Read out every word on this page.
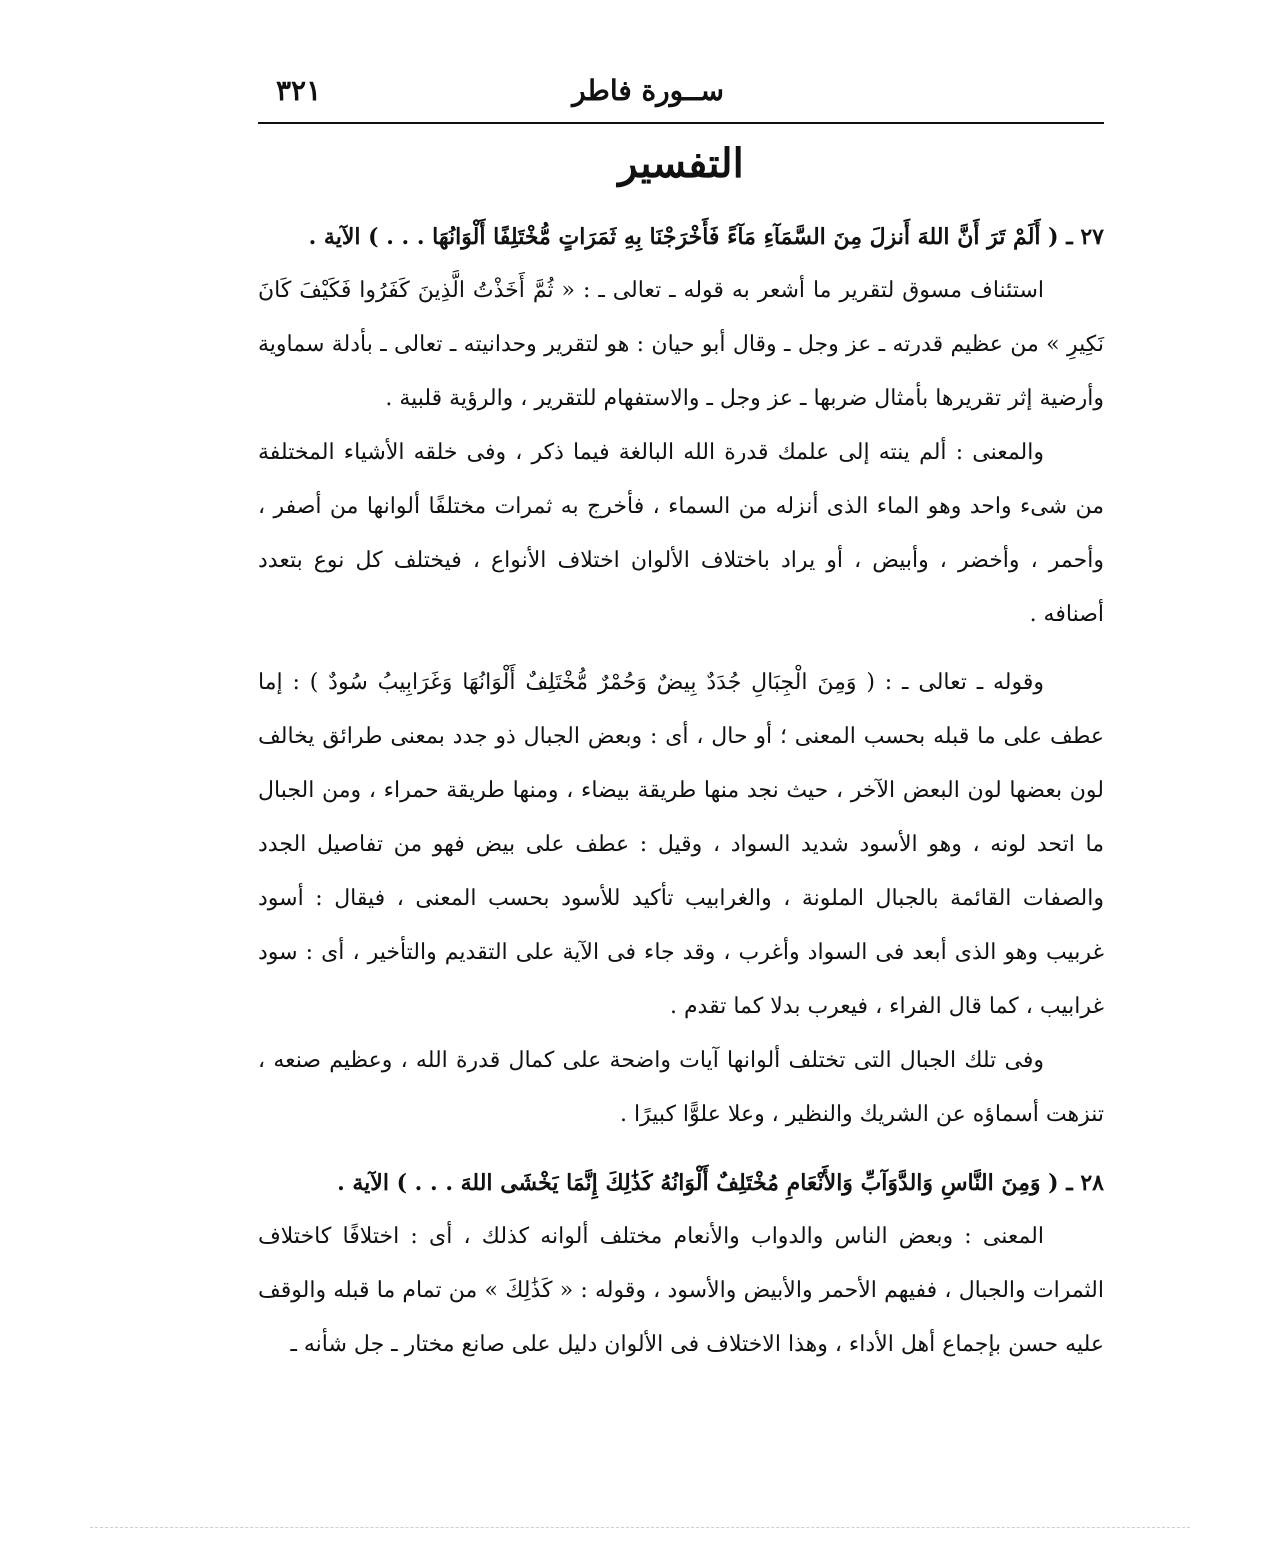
ســورة فاطر
٣٢١
التفسير

٢٧ ـ ( أَلَمْ تَرَ أَنَّ اللهَ أَنزلَ مِنَ السَّمَآءِ مَآءً فَأَخْرَجْنَا بِهِ ثَمَرَاتٍ مُّخْتَلِفًا أَلْوَانُهَا . . . ) الآية .

استئناف مسوق لتقرير ما أشعر به قوله ـ تعالى ـ : « ثُمَّ أَخَذْتُ الَّذِينَ كَفَرُوا فَكَيْفَ كَانَ نَكِيرِ » من عظيم قدرته ـ عز وجل ـ وقال أبو حيان : هو لتقرير وحدانيته ـ تعالى ـ بأدلة سماوية وأرضية إثر تقريرها بأمثال ضربها ـ عز وجل ـ والاستفهام للتقرير ، والرؤية قلبية .

والمعنى : ألم ينته إلى علمك قدرة الله البالغة فيما ذكر ، وفى خلقه الأشياء المختلفة من شىء واحد وهو الماء الذى أنزله من السماء ، فأخرج به ثمرات مختلفًا ألوانها من أصفر ، وأحمر ، وأخضر ، وأبيض ، أو يراد باختلاف الألوان اختلاف الأنواع ، فيختلف كل نوع بتعدد أصنافه .

وقوله ـ تعالى ـ : ( وَمِنَ الْجِبَالِ جُدَدٌ بِيضٌ وَحُمْرٌ مُّخْتَلِفٌ أَلْوَانُهَا وَغَرَابِيبُ سُودٌ ) : إما عطف على ما قبله بحسب المعنى ؛ أو حال ، أى : وبعض الجبال ذو جدد بمعنى طرائق يخالف لون بعضها لون البعض الآخر ، حيث نجد منها طريقة بيضاء ، ومنها طريقة حمراء ، ومن الجبال ما اتحد لونه ، وهو الأسود شديد السواد ، وقيل : عطف على بيض فهو من تفاصيل الجدد والصفات القائمة بالجبال الملونة ، والغرابيب تأكيد للأسود بحسب المعنى ، فيقال : أسود غربيب وهو الذى أبعد فى السواد وأغرب ، وقد جاء فى الآية على التقديم والتأخير ، أى : سود غرابيب ، كما قال الفراء ، فيعرب بدلا كما تقدم .

وفى تلك الجبال التى تختلف ألوانها آيات واضحة على كمال قدرة الله ، وعظيم صنعه ، تنزهت أسماؤه عن الشريك والنظير ، وعلا علوًّا كبيرًا .

٢٨ ـ ( وَمِنَ النَّاسِ وَالدَّوَآبِّ وَالأَنْعَامِ مُخْتَلِفٌ أَلْوَانُهُ كَذَٰلِكَ إِنَّمَا يَخْشَى اللهَ . . . ) الآية .

المعنى : وبعض الناس والدواب والأنعام مختلف ألوانه كذلك ، أى : اختلافًا كاختلاف الثمرات والجبال ، ففيهم الأحمر والأبيض والأسود ، وقوله : « كَذَٰلِكَ » من تمام ما قبله والوقف عليه حسن بإجماع أهل الأداء ، وهذا الاختلاف فى الألوان دليل على صانع مختار ـ جل شأنه ـ
